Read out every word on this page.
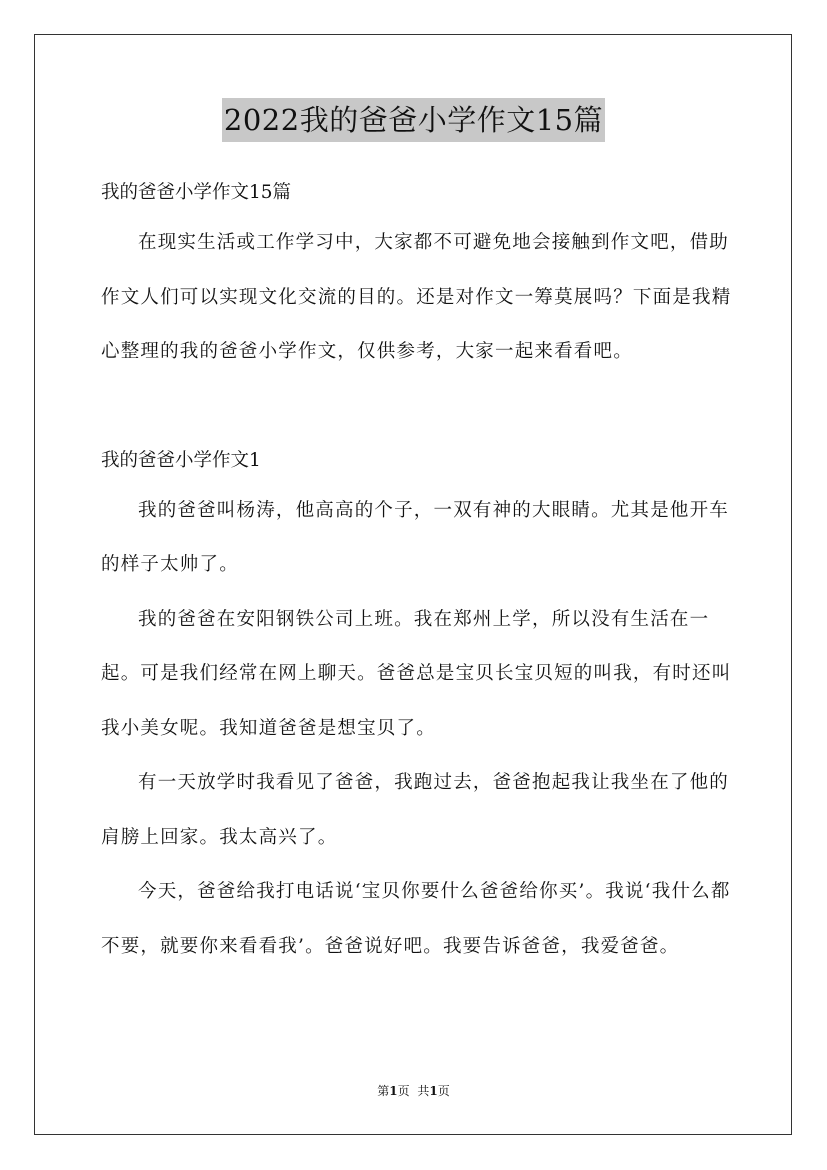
2022我的爸爸小学作文15篇

我的爸爸小学作文15篇

在现实生活或工作学习中，大家都不可避免地会接触到作文吧，借助作文人们可以实现文化交流的目的。还是对作文一筹莫展吗？下面是我精心整理的我的爸爸小学作文，仅供参考，大家一起来看看吧。

我的爸爸小学作文1

我的爸爸叫杨涛，他高高的个子，一双有神的大眼睛。尤其是他开车的样子太帅了。

我的爸爸在安阳钢铁公司上班。我在郑州上学，所以没有生活在一起。可是我们经常在网上聊天。爸爸总是宝贝长宝贝短的叫我，有时还叫我小美女呢。我知道爸爸是想宝贝了。

有一天放学时我看见了爸爸，我跑过去，爸爸抱起我让我坐在了他的肩膀上回家。我太高兴了。

今天，爸爸给我打电话说‘宝贝你要什么爸爸给你买’。我说‘我什么都不要，就要你来看看我’。爸爸说好吧。我要告诉爸爸，我爱爸爸。

第1页 共1页
